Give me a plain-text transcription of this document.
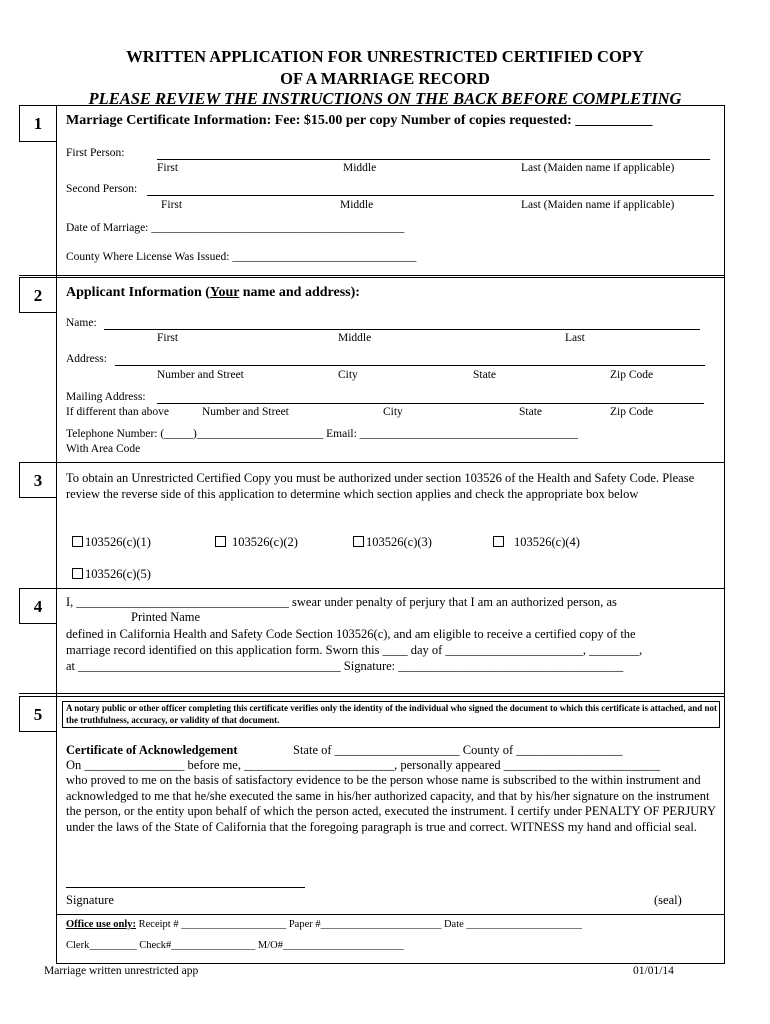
WRITTEN APPLICATION FOR UNRESTRICTED CERTIFIED COPY
OF A MARRIAGE RECORD
PLEASE REVIEW THE INSTRUCTIONS ON THE BACK BEFORE COMPLETING
1
2
3
4
5
Marriage Certificate Information: Fee: $15.00 per copy Number of copies requested: ___________
First Person:
First	Middle	Last (Maiden name if applicable)
Second Person:
First	Middle	Last (Maiden name if applicable)
Date of Marriage: ____________________________________________
County Where License Was Issued: ________________________________
Applicant Information (Your name and address):
Name:
First	Middle	Last
Address:
Number and Street	City	State	Zip Code
Mailing Address:
If different than above	Number and Street	City	State	Zip Code
Telephone Number: (_____)______________________ Email: ______________________________________
With Area Code
To obtain an Unrestricted Certified Copy you must be authorized under section 103526 of the Health and Safety Code. Please review the reverse side of this application to determine which section applies and check the appropriate box below
103526(c)(1)	103526(c)(2)	103526(c)(3)	103526(c)(4)
103526(c)(5)
I, __________________________________ swear under penalty of perjury that I am an authorized person, as
Printed Name
defined in California Health and Safety Code Section 103526(c), and am eligible to receive a certified copy of the
marriage record identified on this application form. Sworn this ____ day of ______________________, ________,
at __________________________________________ Signature: ____________________________________
A notary public or other officer completing this certificate verifies only the identity of the individual who signed the document to which this certificate is attached, and not the truthfulness, accuracy, or validity of that document.
Certificate of Acknowledgement	State of ____________________ County of _________________
On ________________ before me, ________________________, personally appeared _________________________
who proved to me on the basis of satisfactory evidence to be the person whose name is subscribed to the within instrument and acknowledged to me that he/she executed the same in his/her authorized capacity, and that by his/her signature on the instrument the person, or the entity upon behalf of which the person acted, executed the instrument. I certify under PENALTY OF PERJURY under the laws of the State of California that the foregoing paragraph is true and correct. WITNESS my hand and official seal.
Signature	(seal)
Office use only: Receipt # ____________________ Paper #_______________________ Date ______________________
Clerk_________ Check#________________ M/O#_______________________
Marriage written unrestricted app	01/01/14
